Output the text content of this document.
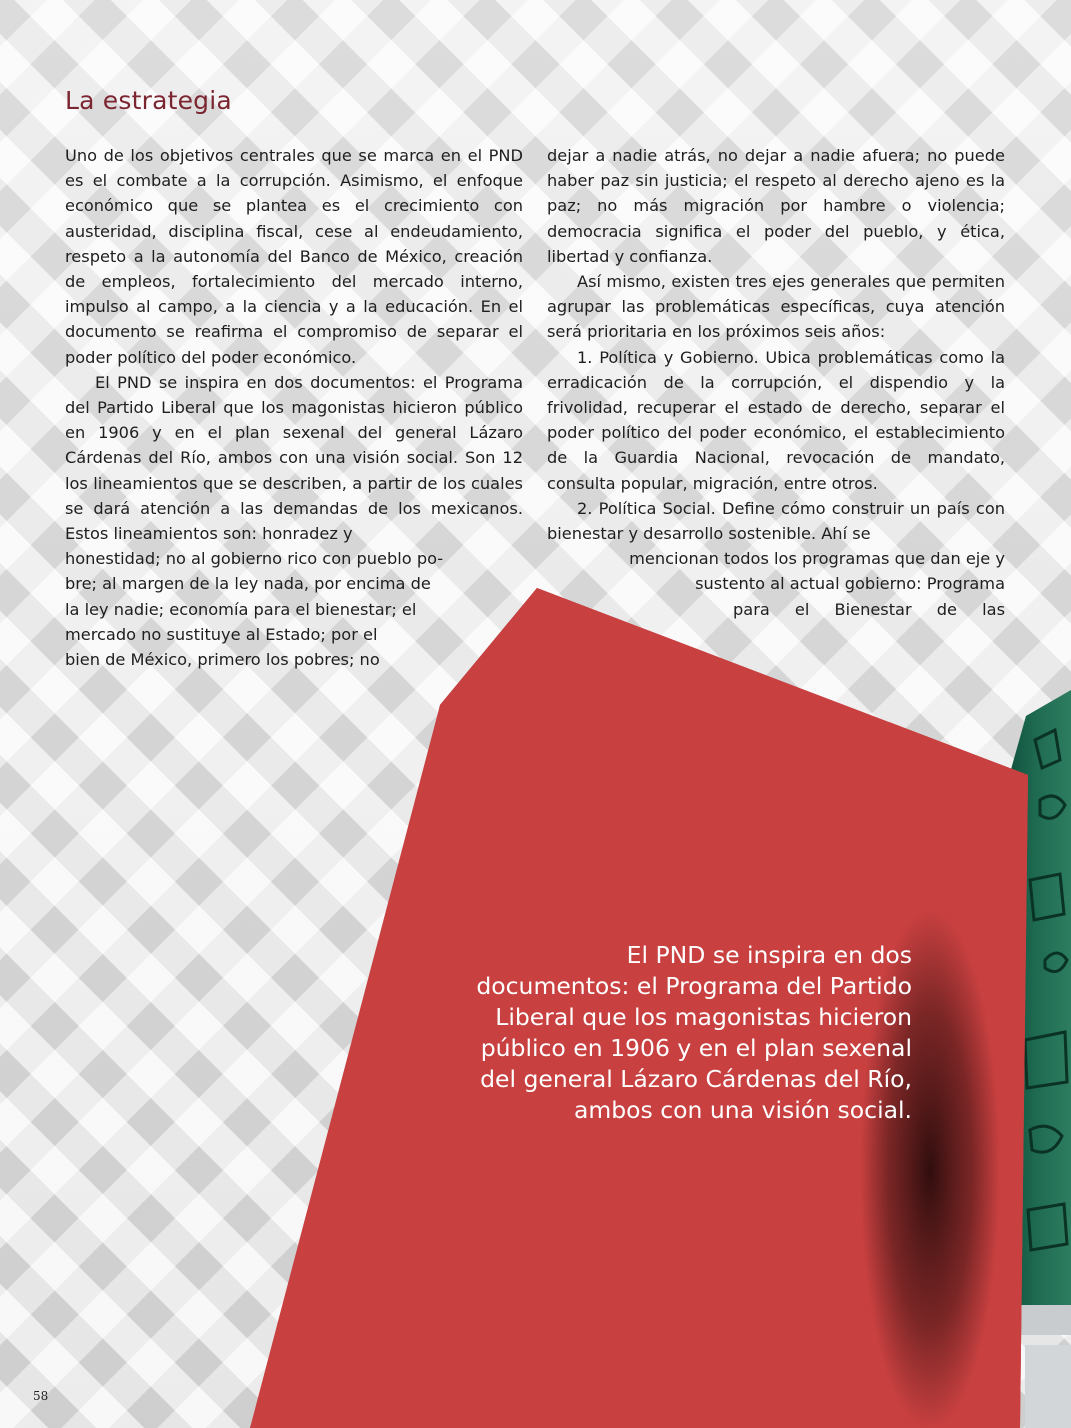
La estrategia

Uno de los objetivos centrales que se marca en el PND es el combate a la corrupción. Asimismo, el enfoque económico que se plantea es el crecimiento con austeridad, disciplina fiscal, cese al endeudamiento, respeto a la autonomía del Banco de México, creación de empleos, fortalecimiento del mercado interno, impulso al campo, a la ciencia y a la educación. En el documento se reafirma el compromiso de separar el poder político del poder económico.

El PND se inspira en dos documentos: el Programa del Partido Liberal que los magonistas hicieron público en 1906 y en el plan sexenal del general Lázaro Cárdenas del Río, ambos con una visión social. Son 12 los lineamientos que se describen, a partir de los cuales se dará atención a las demandas de los mexicanos. Estos lineamientos son: honradez y

honestidad; no al gobierno rico con pueblo po-
bre; al margen de la ley nada, por encima de
la ley nadie; economía para el bienestar; el
mercado no sustituye al Estado; por el
bien de México, primero los pobres; no

dejar a nadie atrás, no dejar a nadie afuera; no puede haber paz sin justicia; el respeto al derecho ajeno es la paz; no más migración por hambre o violencia; democracia significa el poder del pueblo, y ética, libertad y confianza.

Así mismo, existen tres ejes generales que permiten agrupar las problemáticas específicas, cuya atención será prioritaria en los próximos seis años:

1. Política y Gobierno. Ubica problemáticas como la erradicación de la corrupción, el dispendio y la frivolidad, recuperar el estado de derecho, separar el poder político del poder económico, el establecimiento de la Guardia Nacional, revocación de mandato, consulta popular, migración, entre otros.

2. Política Social. Define cómo construir un país con bienestar y desarrollo sostenible. Ahí se

mencionan todos los programas que dan eje y
sustento al actual gobierno: Programa
para el Bienestar de las
El PND se inspira en dos documentos: el Programa del Partido Liberal que los magonistas hicieron público en 1906 y en el plan sexenal del general Lázaro Cárdenas del Río, ambos con una visión social.
58
